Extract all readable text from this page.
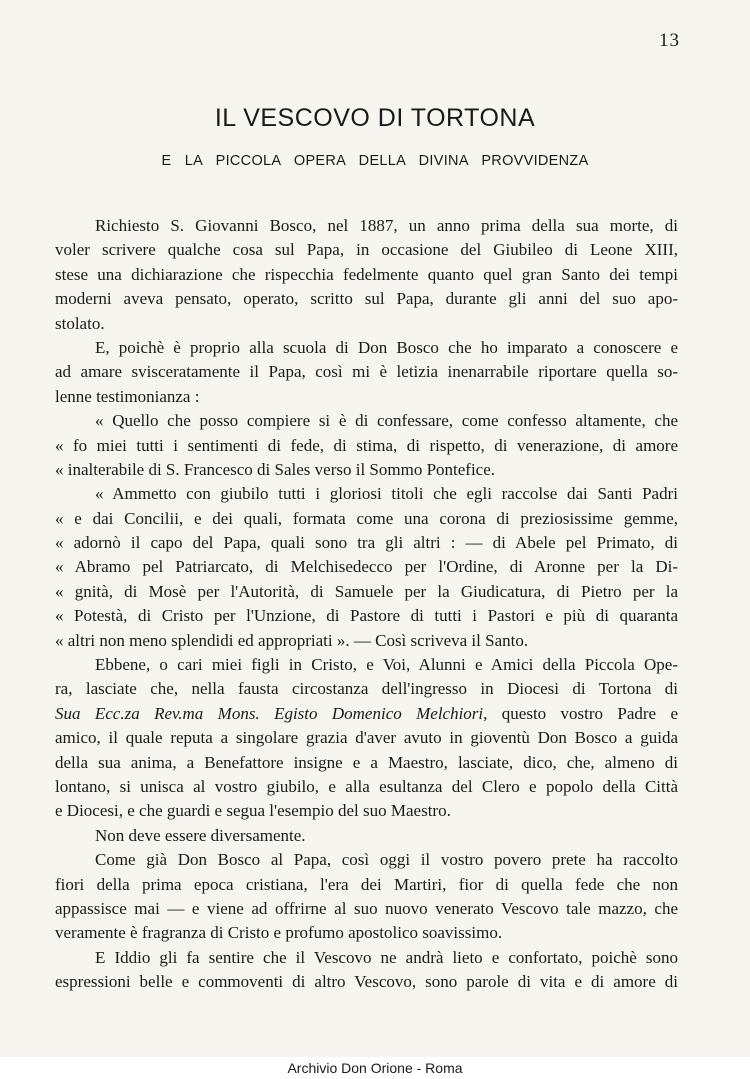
13
IL VESCOVO DI TORTONA
E LA PICCOLA OPERA DELLA DIVINA PROVVIDENZA
Richiesto S. Giovanni Bosco, nel 1887, un anno prima della sua morte, di
voler scrivere qualche cosa sul Papa, in occasione del Giubileo di Leone XIII,
stese una dichiarazione che rispecchia fedelmente quanto quel gran Santo dei tempi
moderni aveva pensato, operato, scritto sul Papa, durante gli anni del suo apo-
stolato.
E, poichè è proprio alla scuola di Don Bosco che ho imparato a conoscere e
ad amare svisceratamente il Papa, così mi è letizia inenarrabile riportare quella so-
lenne testimonianza :
« Quello che posso compiere si è di confessare, come confesso altamente, che
« fo miei tutti i sentimenti di fede, di stima, di rispetto, di venerazione, di amore
« inalterabile di S. Francesco di Sales verso il Sommo Pontefice.
« Ammetto con giubilo tutti i gloriosi titoli che egli raccolse dai Santi Padri
« e dai Concilii, e dei quali, formata come una corona di preziosissime gemme,
« adornò il capo del Papa, quali sono tra gli altri : — di Abele pel Primato, di
« Abramo pel Patriarcato, di Melchisedecco per l'Ordine, di Aronne per la Di-
« gnità, di Mosè per l'Autorità, di Samuele per la Giudicatura, di Pietro per la
« Potestà, di Cristo per l'Unzione, di Pastore di tutti i Pastori e più di quaranta
« altri non meno splendidi ed appropriati ». — Così scriveva il Santo.
Ebbene, o cari miei figli in Cristo, e Voi, Alunni e Amici della Piccola Ope-
ra, lasciate che, nella fausta circostanza dell'ingresso in Diocesi di Tortona di
Sua Ecc.za Rev.ma Mons. Egisto Domenico Melchiori, questo vostro Padre e
amico, il quale reputa a singolare grazia d'aver avuto in gioventù Don Bosco a guida
della sua anima, a Benefattore insigne e a Maestro, lasciate, dico, che, almeno di
lontano, si unisca al vostro giubilo, e alla esultanza del Clero e popolo della Città
e Diocesi, e che guardi e segua l'esempio del suo Maestro.
Non deve essere diversamente.
Come già Don Bosco al Papa, così oggi il vostro povero prete ha raccolto
fiori della prima epoca cristiana, l'era dei Martiri, fior di quella fede che non
appassisce mai — e viene ad offrirne al suo nuovo venerato Vescovo tale mazzo, che
veramente è fragranza di Cristo e profumo apostolico soavissimo.
E Iddio gli fa sentire che il Vescovo ne andrà lieto e confortato, poichè sono
espressioni belle e commoventi di altro Vescovo, sono parole di vita e di amore di
Archivio Don Orione - Roma
